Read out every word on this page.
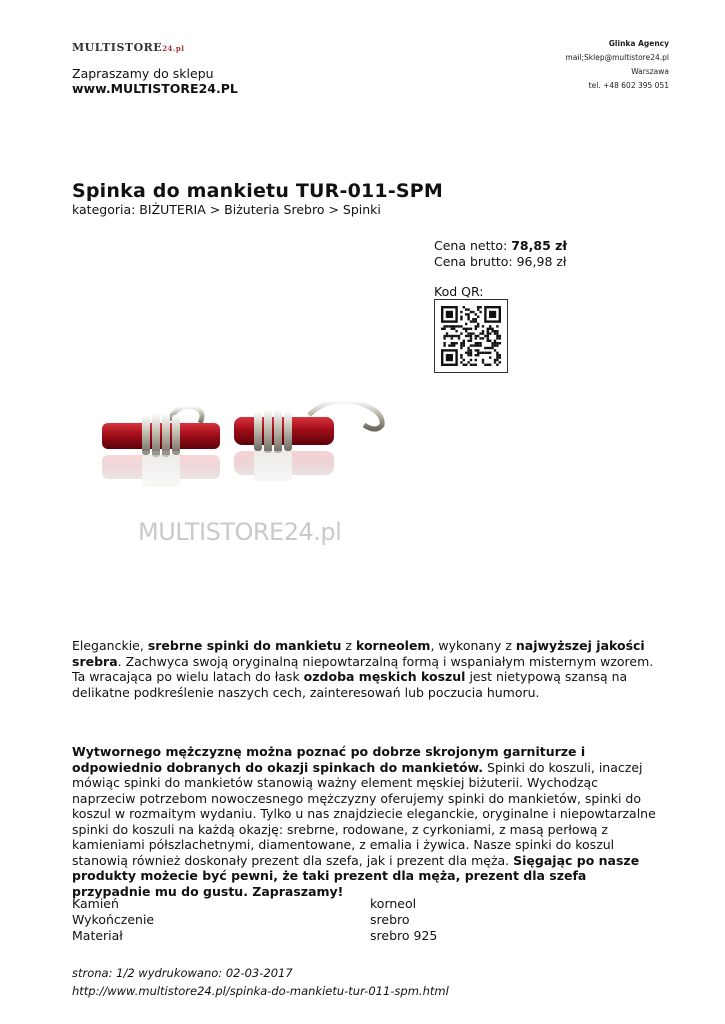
MULTISTORE24.pl
Zapraszamy do sklepu
www.MULTISTORE24.PL
Glinka Agency
mail;Sklep@multistore24.pl
Warszawa
tel. +48 602 395 051
Spinka do mankietu TUR-011-SPM
kategoria: BIŻUTERIA > Biżuteria Srebro > Spinki
Cena netto: 78,85 zł
Cena brutto: 96,98 zł
Kod QR:
MULTISTORE24.pl
Eleganckie, srebrne spinki do mankietu z korneolem, wykonany z najwyższej jakości srebra. Zachwyca swoją oryginalną niepowtarzalną formą i wspaniałym misternym wzorem. Ta wracająca po wielu latach do łask ozdoba męskich koszul jest nietypową szansą na delikatne podkreślenie naszych cech, zainteresowań lub poczucia humoru.
Wytwornego mężczyznę można poznać po dobrze skrojonym garniturze i odpowiednio dobranych do okazji spinkach do mankietów. Spinki do koszuli, inaczej mówiąc spinki do mankietów stanowią ważny element męskiej biżuterii. Wychodząc naprzeciw potrzebom nowoczesnego mężczyzny oferujemy spinki do mankietów, spinki do koszul w rozmaitym wydaniu. Tylko u nas znajdziecie eleganckie, oryginalne i niepowtarzalne spinki do koszuli na każdą okazję: srebrne, rodowane, z cyrkoniami, z masą perłową z kamieniami półszlachetnymi, diamentowane, z emalia i żywica. Nasze spinki do koszul stanowią również doskonały prezent dla szefa, jak i prezent dla męża. Sięgając po nasze produkty możecie być pewni, że taki prezent dla męża, prezent dla szefa przypadnie mu do gustu. Zapraszamy!
Kamień	korneol
Wykończenie	srebro
Materiał	srebro 925
strona: 1/2 wydrukowano: 02-03-2017
http://www.multistore24.pl/spinka-do-mankietu-tur-011-spm.html
